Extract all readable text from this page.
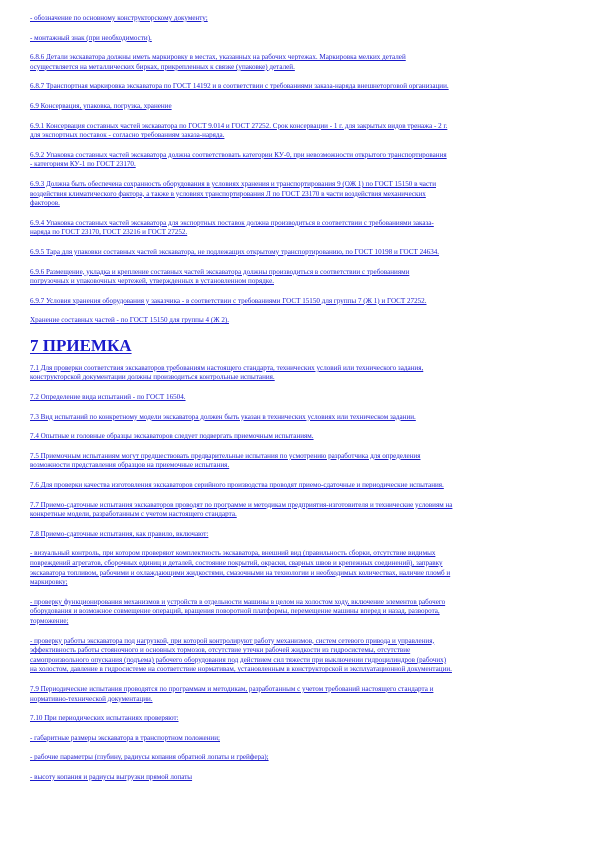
- обозначение по основному конструкторскому документу;

- монтажный знак (при необходимости).

6.8.6 Детали экскаватора должны иметь маркировку в местах, указанных на рабочих чертежах. Маркировка мелких деталей
осуществляется на металлических бирках, прикрепленных к связке (упаковке) деталей.

6.8.7 Транспортная маркировка экскаватора по ГОСТ 14192 и в соответствии с требованиями заказа-наряда внешнеторговой организации.

6.9 Консервация, упаковка, погрузка, хранение

6.9.1 Консервация составных частей экскаватора по ГОСТ 9.014 и ГОСТ 27252. Срок консервации - 1 г. для закрытых видов тренажа - 2 г.
для экспортных поставок - согласно требованиям заказа-наряда.

6.9.2 Упаковка составных частей экскаватора должна соответствовать категории КУ-0, при невозможности открытого транспортирования
- категориям КУ-1 по ГОСТ 23170.

6.9.3 Должна быть обеспечена сохранность оборудования в условиях хранения и транспортирования 9 (ОЖ 1) по ГОСТ 15150 в части
воздействия климатического фактора, а также в условиях транспортирования Л по ГОСТ 23170 в части воздействия механических
факторов.

6.9.4 Упаковка составных частей экскаватора для экспортных поставок должна производиться в соответствии с требованиями заказа-
наряда по ГОСТ 23170, ГОСТ 23216 и ГОСТ 27252.

6.9.5 Тара для упаковки составных частей экскаватора, не подлежащих открытому транспортированию, по ГОСТ 10198 и ГОСТ 24634.

6.9.6 Размещение, укладка и крепление составных частей экскаватора должны производиться в соответствии с требованиями
погрузочных и упаковочных чертежей, утвержденных в установленном порядке.

6.9.7 Условия хранения оборудования у заказчика - в соответствии с требованиями ГОСТ 15150 для группы 7 (Ж 1) и ГОСТ 27252.

Хранение составных частей - по ГОСТ 15150 для группы 4 (Ж 2).

7 ПРИЕМКА

7.1 Для проверки соответствия экскаваторов требованиям настоящего стандарта, технических условий или технического задания,
конструкторской документации должны производиться контрольные испытания.

7.2 Определение вида испытаний - по ГОСТ 16504.

7.3 Вид испытаний по конкретному модели экскаватора должен быть указан в технических условиях или техническом задании.

7.4 Опытные и головные образцы экскаваторов следует подвергать приемочным испытаниям.

7.5 Приемочным испытаниям могут предшествовать предварительные испытания по усмотрению разработчика для определения
возможности представления образцов на приемочные испытания.

7.6 Для проверки качества изготовления экскаваторов серийного производства проводят приемо-сдаточные и периодические испытания.

7.7 Приемо-сдаточные испытания экскаваторов проводят по программе и методикам предприятия-изготовителя и технические условиям на
конкретные модели, разработанным с учетом настоящего стандарта.

7.8 Приемо-сдаточные испытания, как правило, включают:

- визуальный контроль, при котором проверяют комплектность экскаватора, внешний вид (правильность сборки, отсутствие видимых
повреждений агрегатов, сборочных единиц и деталей, состояние покрытий, окраски, сварных швов и крепежных соединений), заправку
экскаватора топливом, рабочими и охлаждающими жидкостями, смазочными на технологии и необходимых количествах, наличие пломб и
маркировку;

- проверку функционирования механизмов и устройств в отдельности машины в целом на холостом ходу, включение элементов рабочего
оборудования и возможное совмещение операций, вращения поворотной платформы, перемещение машины вперед и назад, разворота,
торможение;

- проверку работы экскаватора под нагрузкой, при которой контролируют работу механизмов, систем сетевого привода и управления,
эффективность работы стояночного и основных тормозов, отсутствие утечки рабочей жидкости из гидросистемы, отсутствие
самопроизвольного опускания (подъема) рабочего оборудования под действием сил тяжести при выключении гидроцилиндров (рабочих)
на холостом, давление в гидросистеме на соответствие нормативам, установленным в конструкторской и эксплуатационной документации.

7.9 Периодические испытания проводятся по программам и методикам, разработанным с учетом требований настоящего стандарта и
нормативно-технической документации.

7.10 При периодических испытаниях проверяют:

- габаритные размеры экскаватора в транспортном положении;

- рабочие параметры (глубину, радиусы копания обратной лопаты и грейфера);

- высоту копания и радиусы выгрузки прямой лопаты
